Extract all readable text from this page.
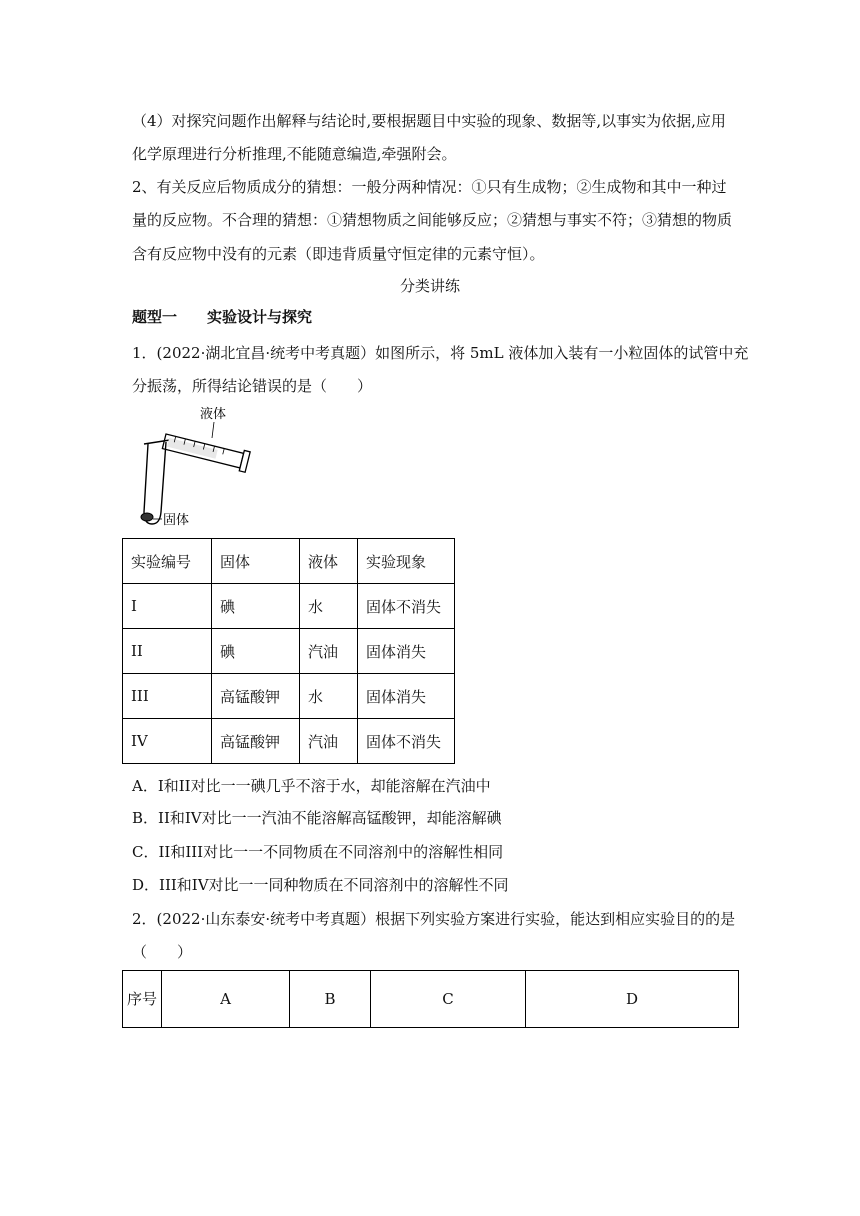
（4）对探究问题作出解释与结论时,要根据题目中实验的现象、数据等,以事实为依据,应用
化学原理进行分析推理,不能随意编造,牵强附会。
2、有关反应后物质成分的猜想：一般分两种情况：①只有生成物；②生成物和其中一种过
量的反应物。不合理的猜想：①猜想物质之间能够反应；②猜想与事实不符；③猜想的物质
含有反应物中没有的元素（即违背质量守恒定律的元素守恒）。
分类讲练
题型一　　实验设计与探究
1．(2022·湖北宜昌·统考中考真题）如图所示，将 5mL 液体加入装有一小粒固体的试管中充
分振荡，所得结论错误的是（　　）
液体
固体
实验编号	固体	液体	实验现象
I	碘	水	固体不消失
II	碘	汽油	固体消失
III	高锰酸钾	水	固体消失
IV	高锰酸钾	汽油	固体不消失
A．I和II对比一一碘几乎不溶于水，却能溶解在汽油中
B．II和IV对比一一汽油不能溶解高锰酸钾，却能溶解碘
C．II和III对比一一不同物质在不同溶剂中的溶解性相同
D．III和IV对比一一同种物质在不同溶剂中的溶解性不同
2．(2022·山东泰安·统考中考真题）根据下列实验方案进行实验，能达到相应实验目的的是
（　　）
序号	A	B	C	D
